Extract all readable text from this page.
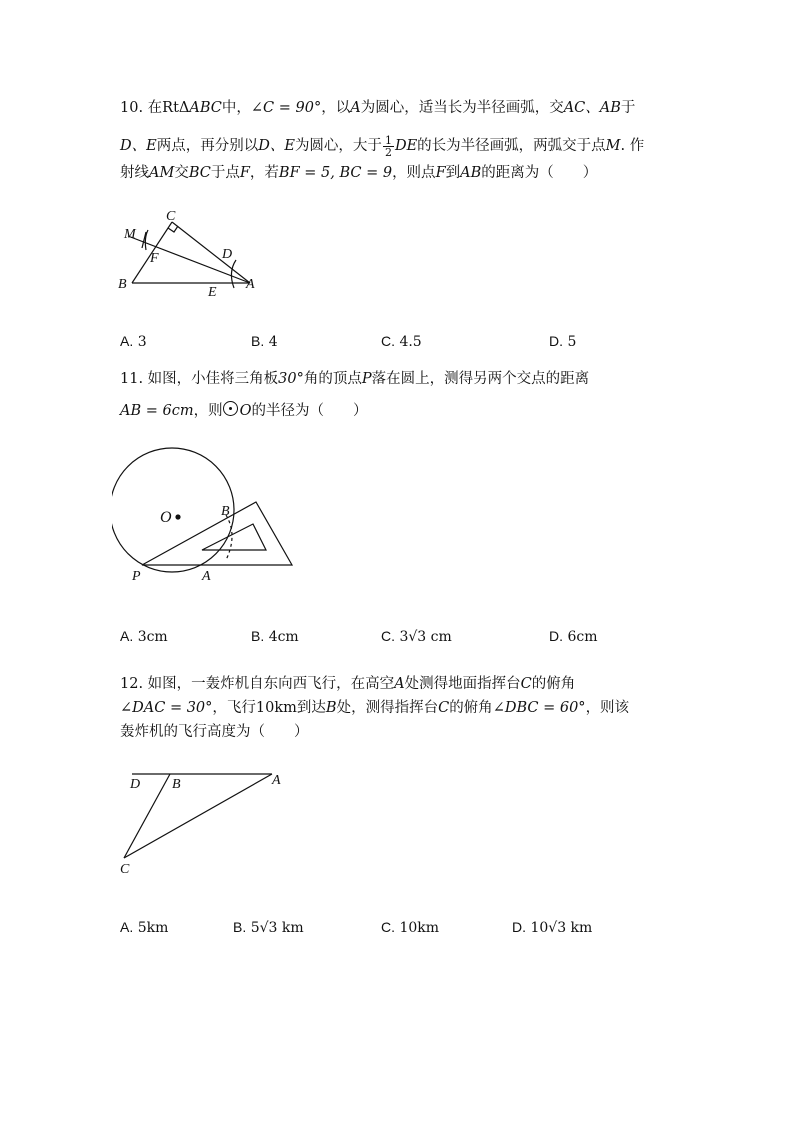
10. 在RtΔABC中，∠C = 90°，以A为圆心，适当长为半径画弧，交AC、AB于
D、E两点，再分别以D、E为圆心，大于 $\frac{1}{2}$ DE的长为半径画弧，两弧交于点M. 作
射线AM交BC于点F，若BF = 5, BC = 9，则点F到AB的距离为（　　）
C
M
D
F
B
E
A
A. 3	B. 4	C. 4.5	D. 5
11. 如图，小佳将三角板30°角的顶点P落在圆上，测得另两个交点的距离
AB = 6cm，则 O的半径为（　　）
O	B
P	A
A. 3cm	B. 4cm	C. 3√3 cm	D. 6cm
12. 如图，一轰炸机自东向西飞行，在高空A处测得地面指挥台C的俯角
∠DAC = 30°，飞行10km到达B处，测得指挥台C的俯角∠DBC = 60°，则该
轰炸机的飞行高度为（　　）
D B	A
C
A. 5km	B. 5√3 km	C. 10km	D. 10√3 km
